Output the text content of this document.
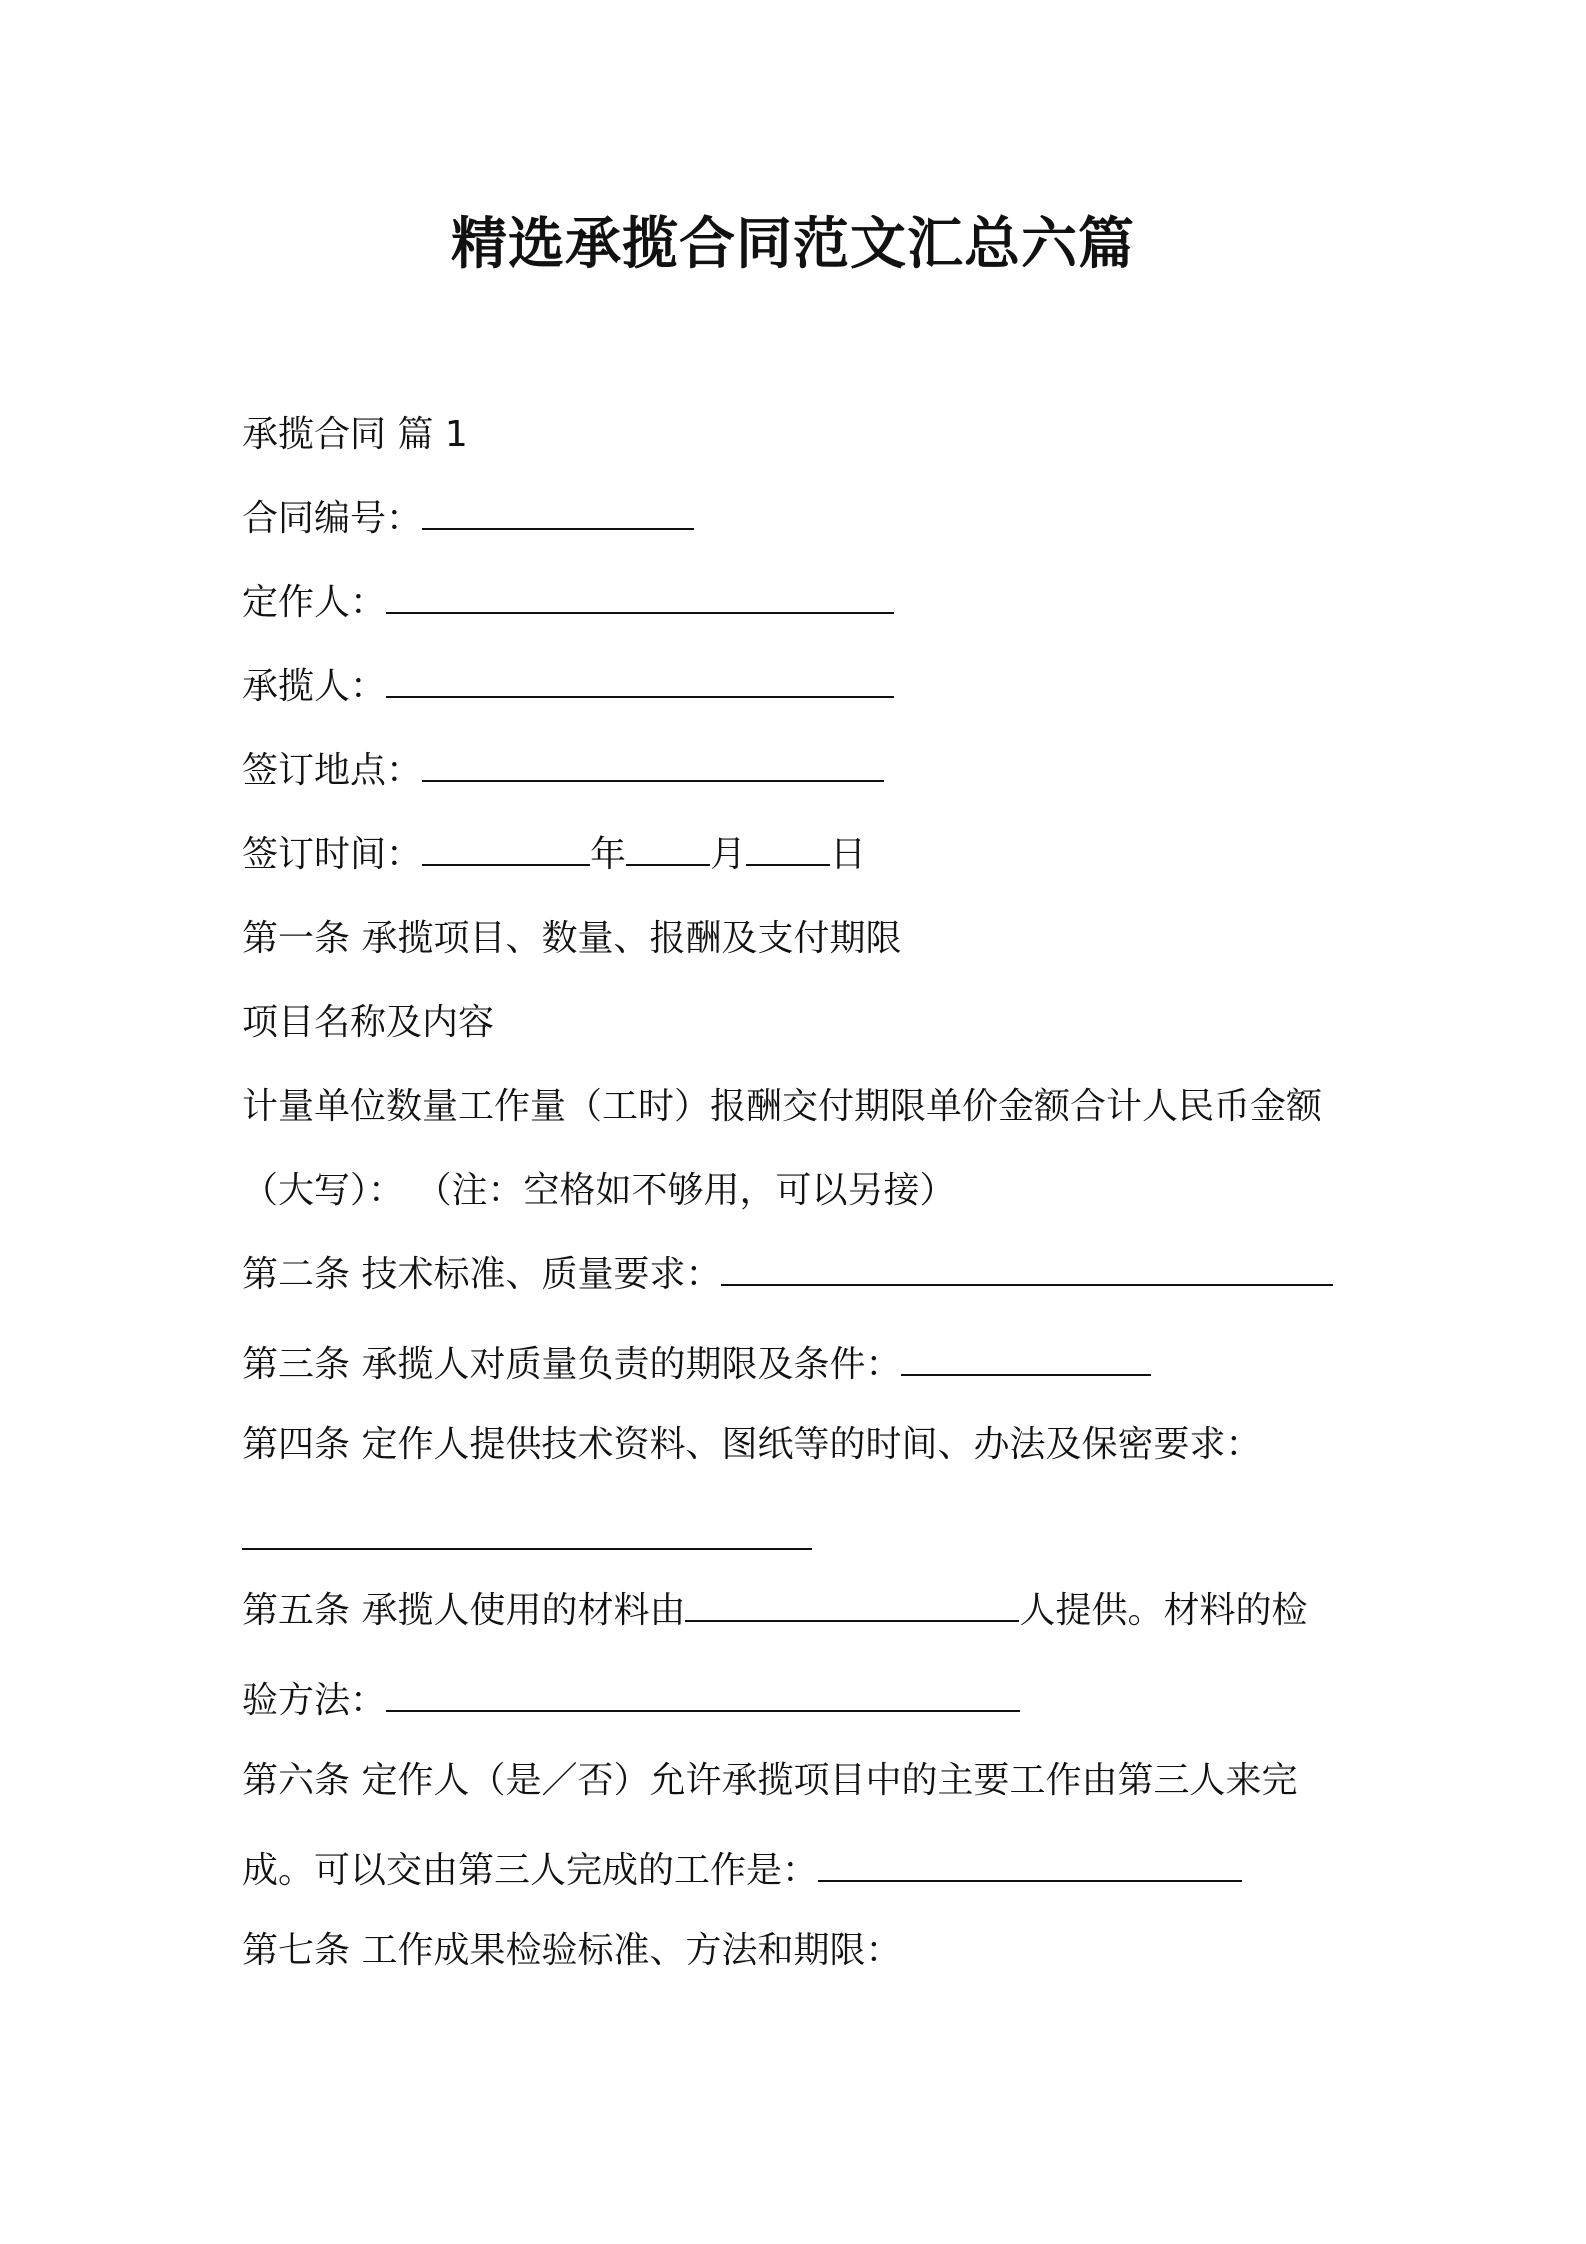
精选承揽合同范文汇总六篇

承揽合同 篇 1

合同编号：

定作人：

承揽人：

签订地点：

签订时间：	年 月 日

第一条 承揽项目、数量、报酬及支付期限

项目名称及内容

计量单位数量工作量（工时）报酬交付期限单价金额合计人民币金额

（大写）： （注：空格如不够用，可以另接）

第二条 技术标准、质量要求：

第三条 承揽人对质量负责的期限及条件：

第四条 定作人提供技术资料、图纸等的时间、办法及保密要求：

第五条 承揽人使用的材料由	人提供。材料的检

验方法：

第六条 定作人（是／否）允许承揽项目中的主要工作由第三人来完

成。可以交由第三人完成的工作是：

第七条 工作成果检验标准、方法和期限：
